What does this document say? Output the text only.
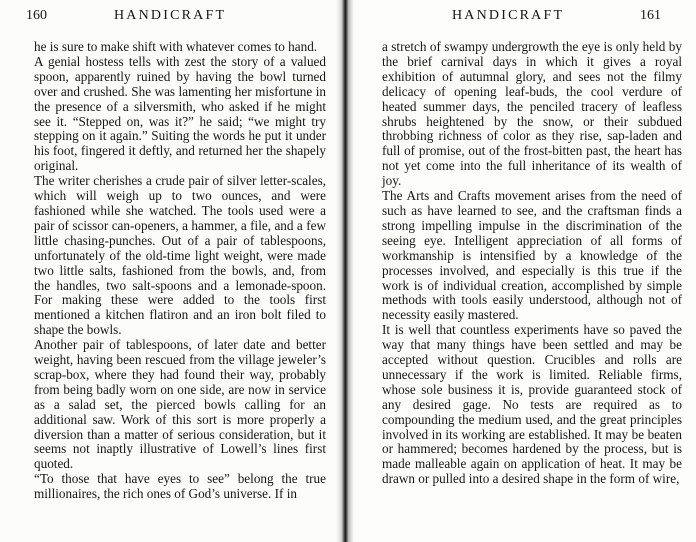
160	HANDICRAFT

he is sure to make shift with whatever comes to hand.

A genial hostess tells with zest the story of a valued spoon, apparently ruined by having the bowl turned over and crushed. She was lamenting her misfortune in the presence of a silversmith, who asked if he might see it. “Stepped on, was it?” he said; “we might try stepping on it again.” Suiting the words he put it under his foot, fingered it deftly, and returned her the shapely original.

The writer cherishes a crude pair of silver letter-scales, which will weigh up to two ounces, and were fashioned while she watched. The tools used were a pair of scissor can-openers, a hammer, a file, and a few little chasing-punches. Out of a pair of tablespoons, unfortunately of the old-time light weight, were made two little salts, fashioned from the bowls, and, from the handles, two salt-spoons and a lemonade-spoon. For making these were added to the tools first mentioned a kitchen flatiron and an iron bolt filed to shape the bowls.

Another pair of tablespoons, of later date and better weight, having been rescued from the village jeweler’s scrap-box, where they had found their way, probably from being badly worn on one side, are now in service as a salad set, the pierced bowls calling for an additional saw. Work of this sort is more properly a diversion than a matter of serious consideration, but it seems not inaptly illustrative of Lowell’s lines first quoted.

“To those that have eyes to see” belong the true millionaires, the rich ones of God’s universe. If in

HANDICRAFT	161

a stretch of swampy undergrowth the eye is only held by the brief carnival days in which it gives a royal exhibition of autumnal glory, and sees not the filmy delicacy of opening leaf-buds, the cool verdure of heated summer days, the penciled tracery of leafless shrubs heightened by the snow, or their subdued throbbing richness of color as they rise, sap-laden and full of promise, out of the frost-bitten past, the heart has not yet come into the full inheritance of its wealth of joy.

The Arts and Crafts movement arises from the need of such as have learned to see, and the craftsman finds a strong impelling impulse in the discrimination of the seeing eye. Intelligent appreciation of all forms of workmanship is intensified by a knowledge of the processes involved, and especially is this true if the work is of individual creation, accomplished by simple methods with tools easily understood, although not of necessity easily mastered.

It is well that countless experiments have so paved the way that many things have been settled and may be accepted without question. Crucibles and rolls are unnecessary if the work is limited. Reliable firms, whose sole business it is, provide guaranteed stock of any desired gage. No tests are required as to compounding the medium used, and the great principles involved in its working are established. It may be beaten or hammered; becomes hardened by the process, but is made malleable again on application of heat. It may be drawn or pulled into a desired shape in the form of wire,
